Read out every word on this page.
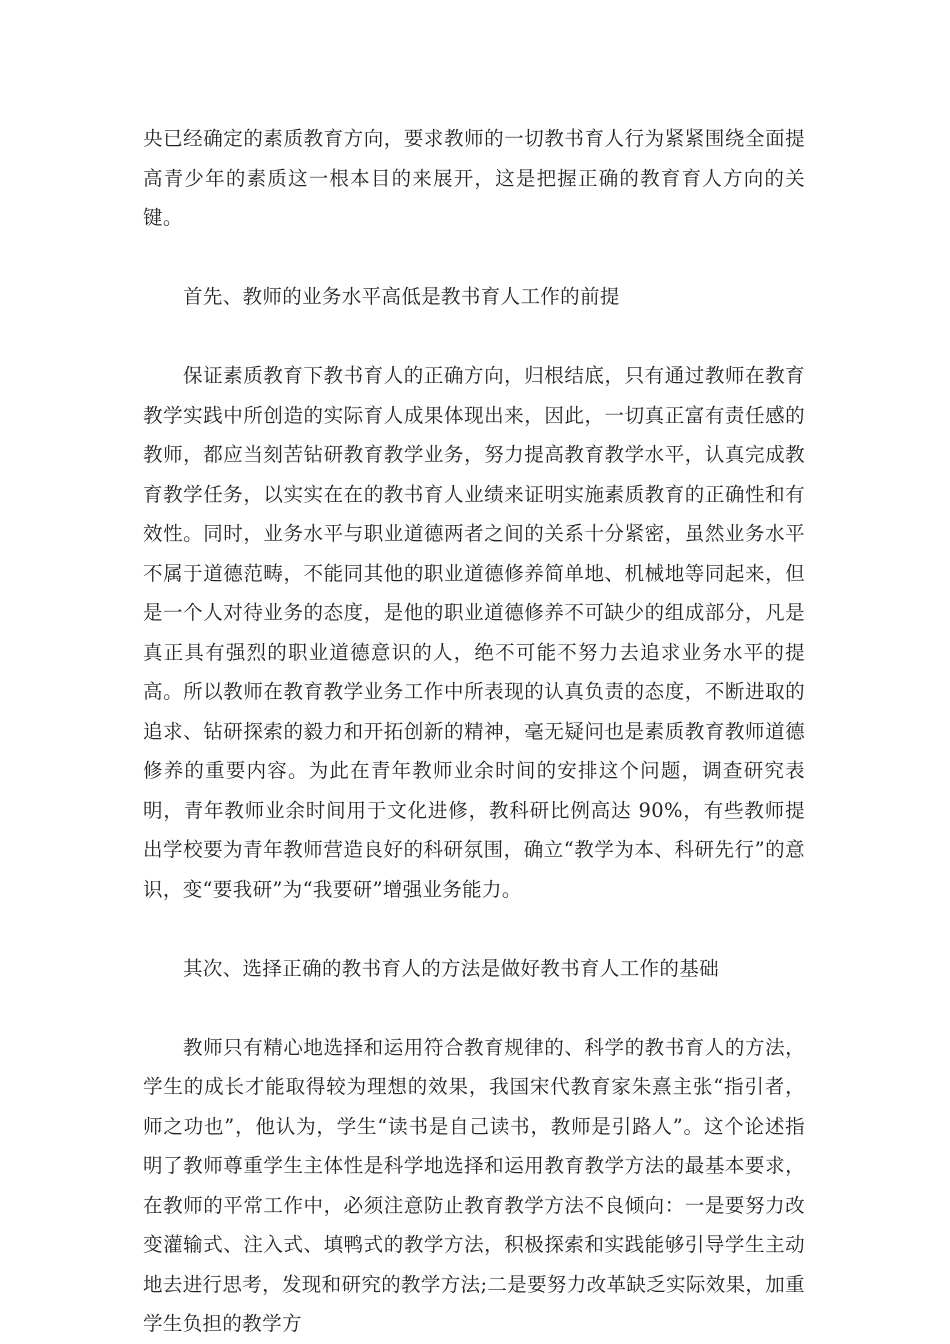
央已经确定的素质教育方向，要求教师的一切教书育人行为紧紧围绕全面提高青少年的素质这一根本目的来展开，这是把握正确的教育育人方向的关键。

首先、教师的业务水平高低是教书育人工作的前提

保证素质教育下教书育人的正确方向，归根结底，只有通过教师在教育教学实践中所创造的实际育人成果体现出来，因此，一切真正富有责任感的教师，都应当刻苦钻研教育教学业务，努力提高教育教学水平，认真完成教育教学任务，以实实在在的教书育人业绩来证明实施素质教育的正确性和有效性。同时，业务水平与职业道德两者之间的关系十分紧密，虽然业务水平不属于道德范畴，不能同其他的职业道德修养简单地、机械地等同起来，但是一个人对待业务的态度，是他的职业道德修养不可缺少的组成部分，凡是真正具有强烈的职业道德意识的人，绝不可能不努力去追求业务水平的提高。所以教师在教育教学业务工作中所表现的认真负责的态度，不断进取的追求、钻研探索的毅力和开拓创新的精神，毫无疑问也是素质教育教师道德修养的重要内容。为此在青年教师业余时间的安排这个问题，调查研究表明，青年教师业余时间用于文化进修，教科研比例高达 90%，有些教师提出学校要为青年教师营造良好的科研氛围，确立“教学为本、科研先行”的意识，变“要我研”为“我要研”增强业务能力。

其次、选择正确的教书育人的方法是做好教书育人工作的基础

教师只有精心地选择和运用符合教育规律的、科学的教书育人的方法，学生的成长才能取得较为理想的效果，我国宋代教育家朱熹主张“指引者，师之功也”，他认为，学生“读书是自己读书，教师是引路人”。这个论述指明了教师尊重学生主体性是科学地选择和运用教育教学方法的最基本要求，在教师的平常工作中，必须注意防止教育教学方法不良倾向：一是要努力改变灌输式、注入式、填鸭式的教学方法，积极探索和实践能够引导学生主动地去进行思考，发现和研究的教学方法;二是要努力改革缺乏实际效果，加重学生负担的教学方
